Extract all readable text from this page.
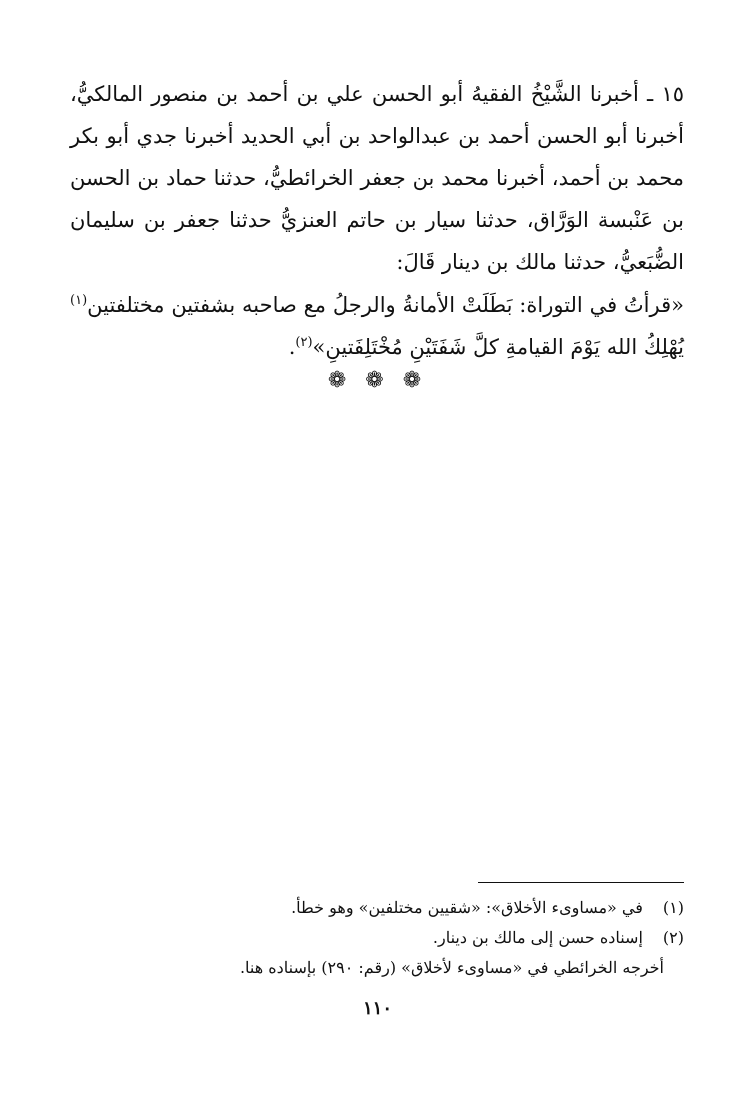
١٥ ـ أخبرنا الشَّيْخُ الفقيهُ أبو الحسن علي بن أحمد بن منصور المالكيُّ، أخبرنا أبو الحسن أحمد بن عبدالواحد بن أبي الحديد أخبرنا جدي أبو بكر محمد بن أحمد، أخبرنا محمد بن جعفر الخرائطيُّ، حدثنا حماد بن الحسن بن عَنْبسة الوَرَّاق، حدثنا سيار بن حاتم العنزيُّ حدثنا جعفر بن سليمان الضُّبَعيُّ، حدثنا مالك بن دينار قَالَ:

«قرأتُ في التوراة: بَطَلَتْ الأمانةُ والرجلُ مع صاحبه بشفتين مختلفتين$^{(١)}$ يُهْلِكُ الله يَوْمَ القيامةِ كلَّ شَفَتَيْنِ مُخْتَلِفَتينِ»$^{(٢)}$.

❁ ❁ ❁
(١) في «مساوىء الأخلاق»: «شقيين مختلفين» وهو خطأ.
(٢) إسناده حسن إلى مالك بن دينار.
أخرجه الخرائطي في «مساوىء لأخلاق» (رقم: ٢٩٠) بإسناده هنا.
١١٠
